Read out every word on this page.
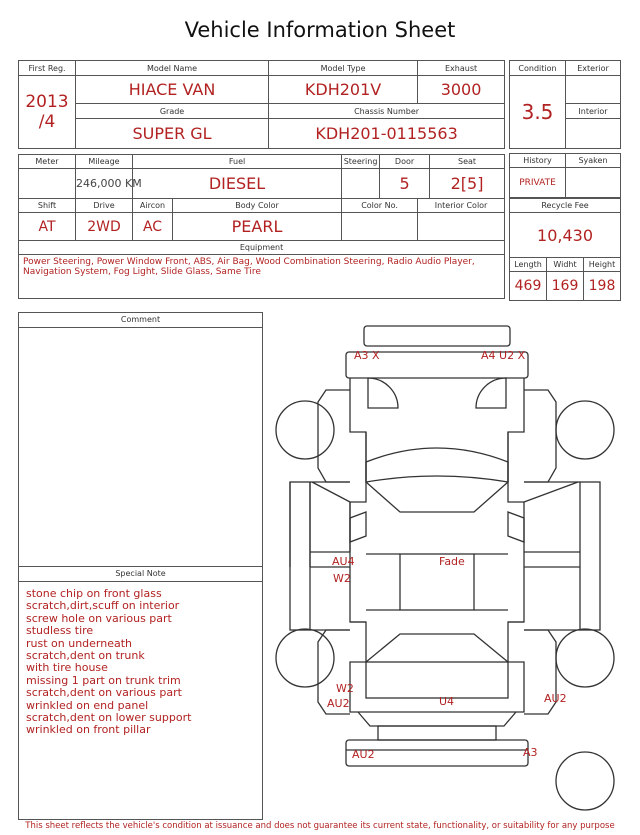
Vehicle Information Sheet
First Reg.	Model Name			Model Type			Exhaust	

2013
/4	HIACE VAN			KDH201V			3000	
	Grade			Chassis Number				
	SUPER GL			KDH201-0115563				

Meter	Mileage	Fuel			Steering	Door		Seat
	246,000 KM	DIESEL				5		2[5]
Shift	Drive	Aircon	Body Color		Color No.		Interior Color	
AT	2WD	AC	PEARL					
Equipment								
Power Steering, Power Window Front, ABS, Air Bag, Wood Combination Steering, Radio Audio Player, Navigation System, Fog Light, Slide Glass, Same Tire								
Condition	Exterior
3.5	
	Interior

History	Syaken
PRIVATE	
Recycle Fee		
10,430		
Length	Widht	Height
469	169	198
Comment
Special Note
stone chip on front glass
scratch,dirt,scuff on interior
screw hole on various part
studless tire
rust on underneath
scratch,dent on trunk
with tire house
missing 1 part on trunk trim
scratch,dent on various part
wrinkled on end panel
scratch,dent on lower support
wrinkled on front pillar
A3 X	A4 U2 X
AU4
W2
Fade
W2
AU2	U4	AU2
AU2	A3
This sheet reflects the vehicle's condition at issuance and does not guarantee its current state, functionality, or suitability for any purpose
